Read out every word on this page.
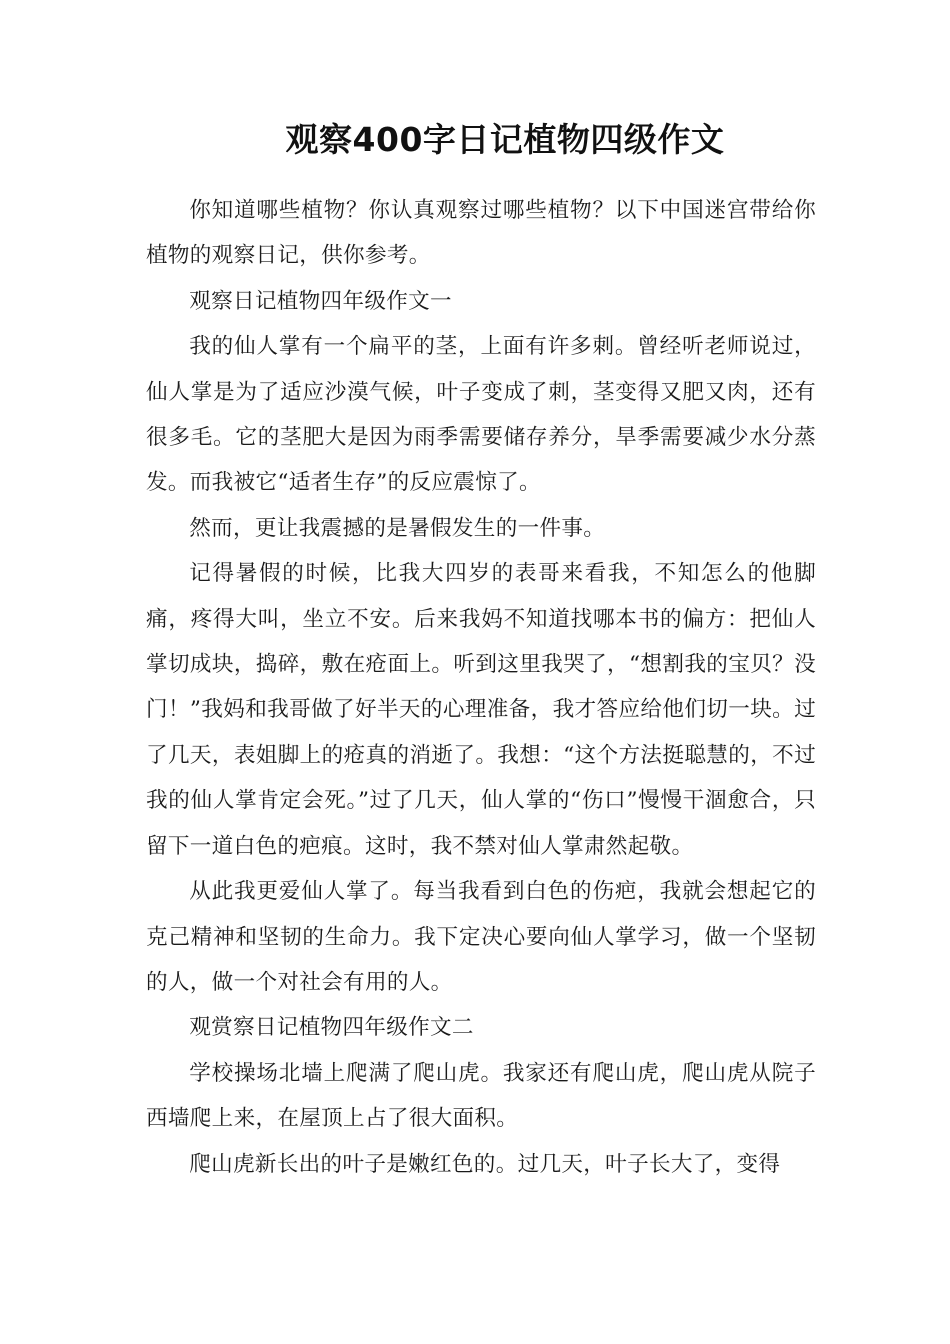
观察400字日记植物四级作文

你知道哪些植物？你认真观察过哪些植物？以下中国迷宫带给你植物的观察日记，供你参考。

观察日记植物四年级作文一

我的仙人掌有一个扁平的茎，上面有许多刺。曾经听老师说过，仙人掌是为了适应沙漠气候，叶子变成了刺，茎变得又肥又肉，还有很多毛。它的茎肥大是因为雨季需要储存养分，旱季需要减少水分蒸发。而我被它“适者生存”的反应震惊了。

然而，更让我震撼的是暑假发生的一件事。

记得暑假的时候，比我大四岁的表哥来看我，不知怎么的他脚痛，疼得大叫，坐立不安。后来我妈不知道找哪本书的偏方：把仙人掌切成块，捣碎，敷在疮面上。听到这里我哭了，“想割我的宝贝？没门！”我妈和我哥做了好半天的心理准备，我才答应给他们切一块。过了几天，表姐脚上的疮真的消逝了。我想：“这个方法挺聪慧的，不过我的仙人掌肯定会死。”过了几天，仙人掌的“伤口”慢慢干涸愈合，只留下一道白色的疤痕。这时，我不禁对仙人掌肃然起敬。

从此我更爱仙人掌了。每当我看到白色的伤疤，我就会想起它的克己精神和坚韧的生命力。我下定决心要向仙人掌学习，做一个坚韧的人，做一个对社会有用的人。

观赏察日记植物四年级作文二

学校操场北墙上爬满了爬山虎。我家还有爬山虎，爬山虎从院子西墙爬上来，在屋顶上占了很大面积。

爬山虎新长出的叶子是嫩红色的。过几天，叶子长大了，变得
